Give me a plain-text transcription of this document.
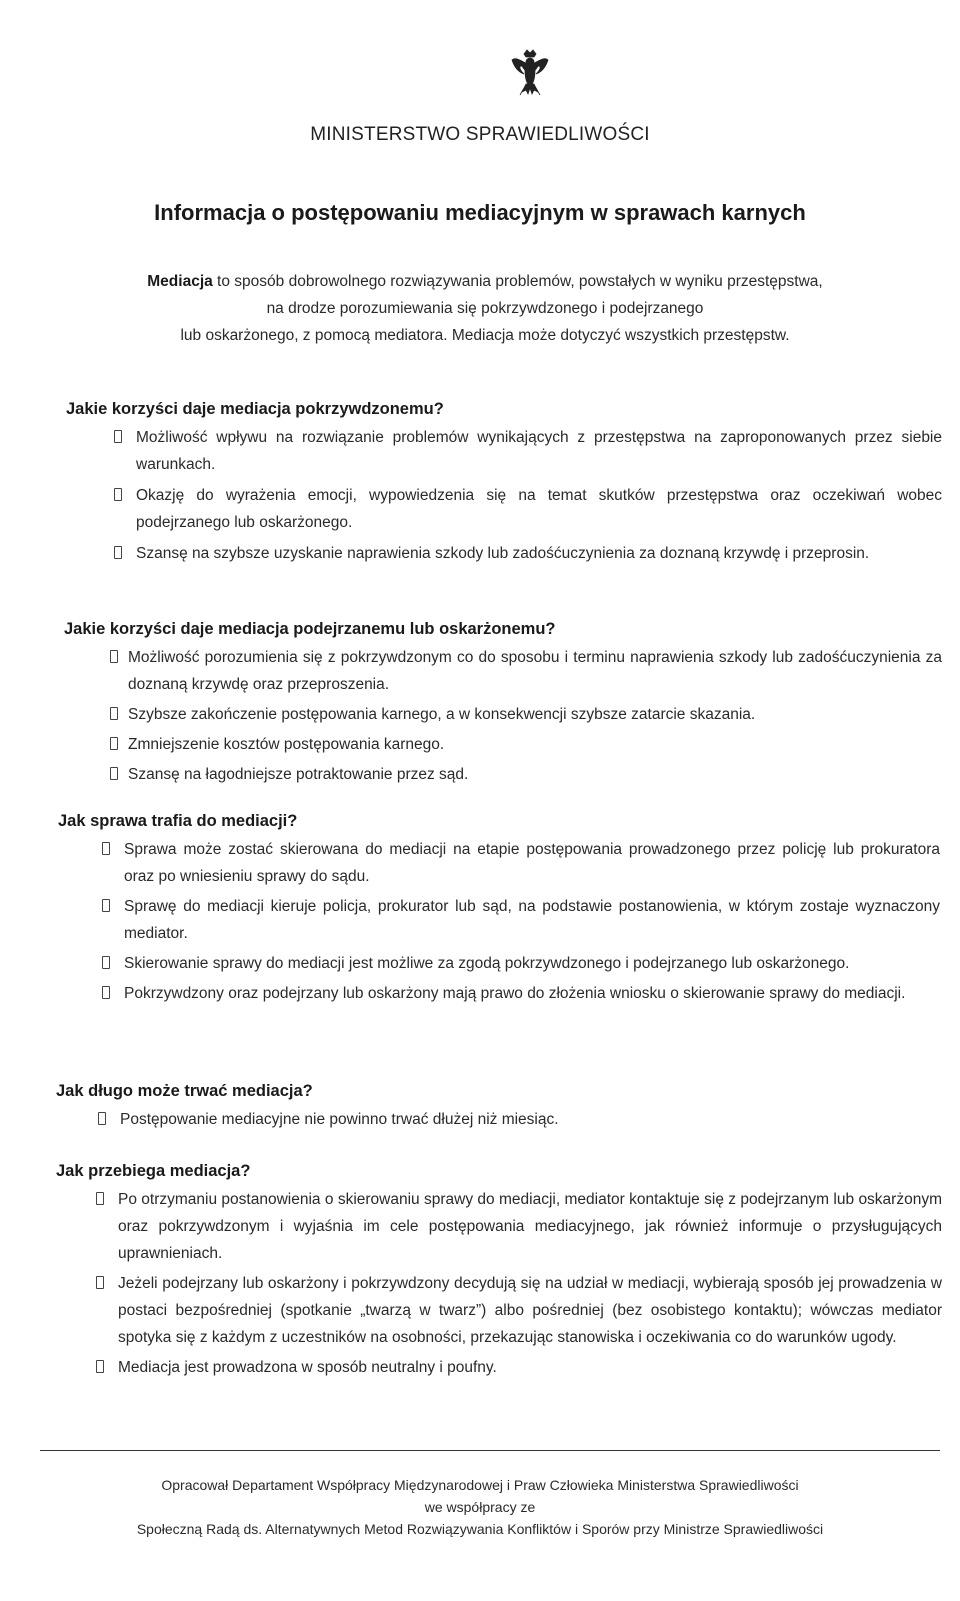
MINISTERSTWO SPRAWIEDLIWOŚCI
Informacja o postępowaniu mediacyjnym w sprawach karnych
Mediacja to sposób dobrowolnego rozwiązywania problemów, powstałych w wyniku przestępstwa,
na drodze porozumiewania się pokrzywdzonego i podejrzanego
lub oskarżonego, z pomocą mediatora. Mediacja może dotyczyć wszystkich przestępstw.
Jakie korzyści daje mediacja pokrzywdzonemu?
Możliwość wpływu na rozwiązanie problemów wynikających z przestępstwa na zaproponowanych przez siebie warunkach.
Okazję do wyrażenia emocji, wypowiedzenia się na temat skutków przestępstwa oraz oczekiwań wobec podejrzanego lub oskarżonego.
Szansę na szybsze uzyskanie naprawienia szkody lub zadośćuczynienia za doznaną krzywdę i przeprosin.
Jakie korzyści daje mediacja podejrzanemu lub oskarżonemu?
Możliwość porozumienia się z pokrzywdzonym co do sposobu i terminu naprawienia szkody lub zadośćuczynienia za doznaną krzywdę oraz przeproszenia.
Szybsze zakończenie postępowania karnego, a w konsekwencji szybsze zatarcie skazania.
Zmniejszenie kosztów postępowania karnego.
Szansę na łagodniejsze potraktowanie przez sąd.
Jak sprawa trafia do mediacji?
Sprawa może zostać skierowana do mediacji na etapie postępowania prowadzonego przez policję lub prokuratora oraz po wniesieniu sprawy do sądu.
Sprawę do mediacji kieruje policja, prokurator lub sąd, na podstawie postanowienia, w którym zostaje wyznaczony mediator.
Skierowanie sprawy do mediacji jest możliwe za zgodą pokrzywdzonego i podejrzanego lub oskarżonego.
Pokrzywdzony oraz podejrzany lub oskarżony mają prawo do złożenia wniosku o skierowanie sprawy do mediacji.
Jak długo może trwać mediacja?
Postępowanie mediacyjne nie powinno trwać dłużej niż miesiąc.
Jak przebiega mediacja?
Po otrzymaniu postanowienia o skierowaniu sprawy do mediacji, mediator kontaktuje się z podejrzanym lub oskarżonym oraz pokrzywdzonym i wyjaśnia im cele postępowania mediacyjnego, jak również informuje o przysługujących uprawnieniach.
Jeżeli podejrzany lub oskarżony i pokrzywdzony decydują się na udział w mediacji, wybierają sposób jej prowadzenia w postaci bezpośredniej (spotkanie „twarzą w twarz”) albo pośredniej (bez osobistego kontaktu); wówczas mediator spotyka się z każdym z uczestników na osobności, przekazując stanowiska i oczekiwania co do warunków ugody.
Mediacja jest prowadzona w sposób neutralny i poufny.
Opracował Departament Współpracy Międzynarodowej i Praw Człowieka Ministerstwa Sprawiedliwości
we współpracy ze
Społeczną Radą ds. Alternatywnych Metod Rozwiązywania Konfliktów i Sporów przy Ministrze Sprawiedliwości
